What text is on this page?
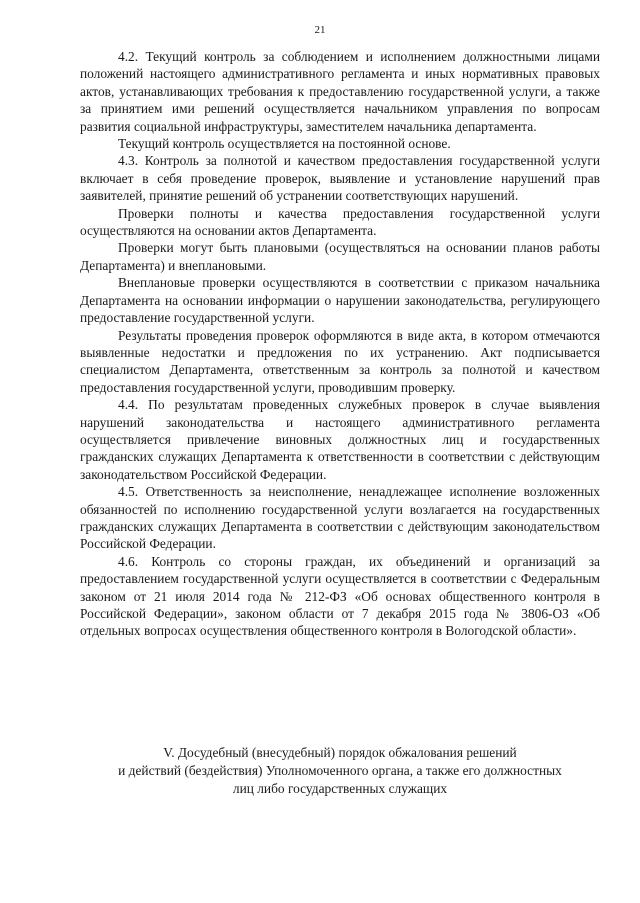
21

4.2. Текущий контроль за соблюдением и исполнением должностными лицами положений настоящего административного регламента и иных нормативных правовых актов, устанавливающих требования к предоставлению государственной услуги, а также за принятием ими решений осуществляется начальником управления по вопросам развития социальной инфраструктуры, заместителем начальника департамента.

Текущий контроль осуществляется на постоянной основе.

4.3. Контроль за полнотой и качеством предоставления государственной услуги включает в себя проведение проверок, выявление и установление нарушений прав заявителей, принятие решений об устранении соответствующих нарушений.

Проверки полноты и качества предоставления государственной услуги осуществляются на основании актов Департамента.

Проверки могут быть плановыми (осуществляться на основании планов работы Департамента) и внеплановыми.

Внеплановые проверки осуществляются в соответствии с приказом начальника Департамента на основании информации о нарушении законодательства, регулирующего предоставление государственной услуги.

Результаты проведения проверок оформляются в виде акта, в котором отмечаются выявленные недостатки и предложения по их устранению. Акт подписывается специалистом Департамента, ответственным за контроль за полнотой и качеством предоставления государственной услуги, проводившим проверку.

4.4. По результатам проведенных служебных проверок в случае выявления нарушений законодательства и настоящего административного регламента осуществляется привлечение виновных должностных лиц и государственных гражданских служащих Департамента к ответственности в соответствии с действующим законодательством Российской Федерации.

4.5. Ответственность за неисполнение, ненадлежащее исполнение возложенных обязанностей по исполнению государственной услуги возлагается на государственных гражданских служащих Департамента в соответствии с действующим законодательством Российской Федерации.

4.6. Контроль со стороны граждан, их объединений и организаций за предоставлением государственной услуги осуществляется в соответствии с Федеральным законом от 21 июля 2014 года № 212-ФЗ «Об основах общественного контроля в Российской Федерации», законом области от 7 декабря 2015 года № 3806-ОЗ «Об отдельных вопросах осуществления общественного контроля в Вологодской области».

V. Досудебный (внесудебный) порядок обжалования решений
и действий (бездействия) Уполномоченного органа, а также его должностных
лиц либо государственных служащих
